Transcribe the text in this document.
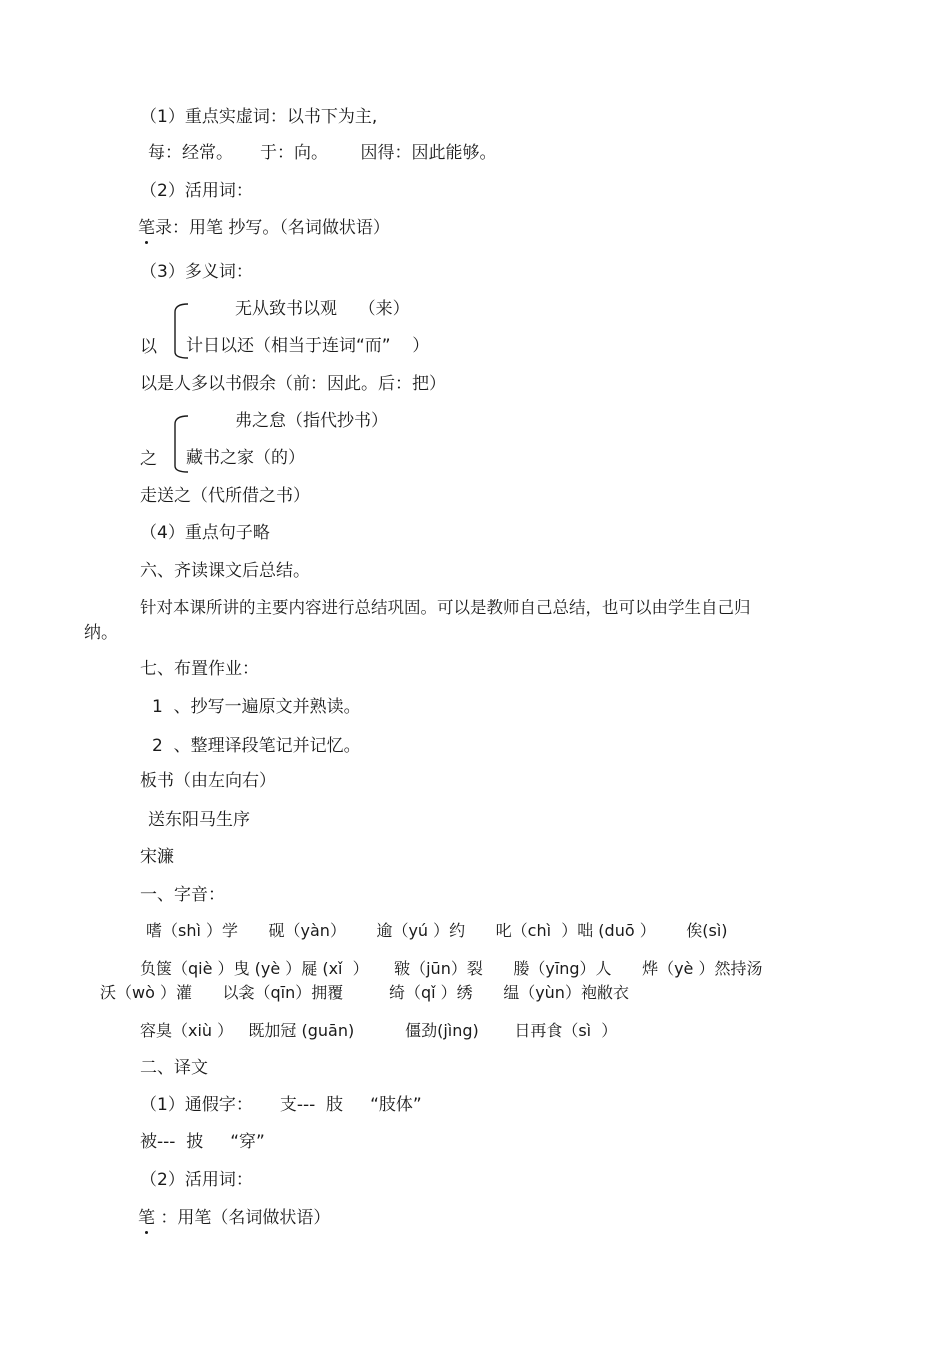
（1）重点实虚词：以书下为主,
每：经常。     于：向。      因得：因此能够。
（2）活用词：
笔录：用笔 抄写。（名词做状语）
（3）多义词：
无从致书以观    （来）
以 计日以还（相当于连词“而”    ）
以是人多以书假余（前：因此。后：把）
弗之怠（指代抄书）
之 藏书之家（的）
走送之（代所借之书）
（4）重点句子略
六、齐读课文后总结。
针对本课所讲的主要内容进行总结巩固。可以是教师自己总结，也可以由学生自己归
纳。
七、布置作业：
1  、抄写一遍原文并熟读。
2  、整理译段笔记并记忆。
板书（由左向右）
送东阳马生序
宋濂
一、字音：
嗜（shì ）学      砚（yàn）      逾（yú ）约      叱（chì  ）咄 (duō ）      俟(sì)
负箧（qiè ）曳 (yè ）屣 (xǐ  ）     皲（jūn）裂      媵（yīng）人      烨（yè ）然持汤
沃（wò ）灌      以衾（qīn）拥覆         绮（qǐ ）绣      缊（yùn）袍敝衣
容臭（xiù ）   既加冠 (guān)          僵劲(jìng)       日再食（sì  ）
二、译文
（1）通假字：     支---  肢     “肢体”
被---  披     “穿”
（2）活用词：
笔 ：用笔（名词做状语）
